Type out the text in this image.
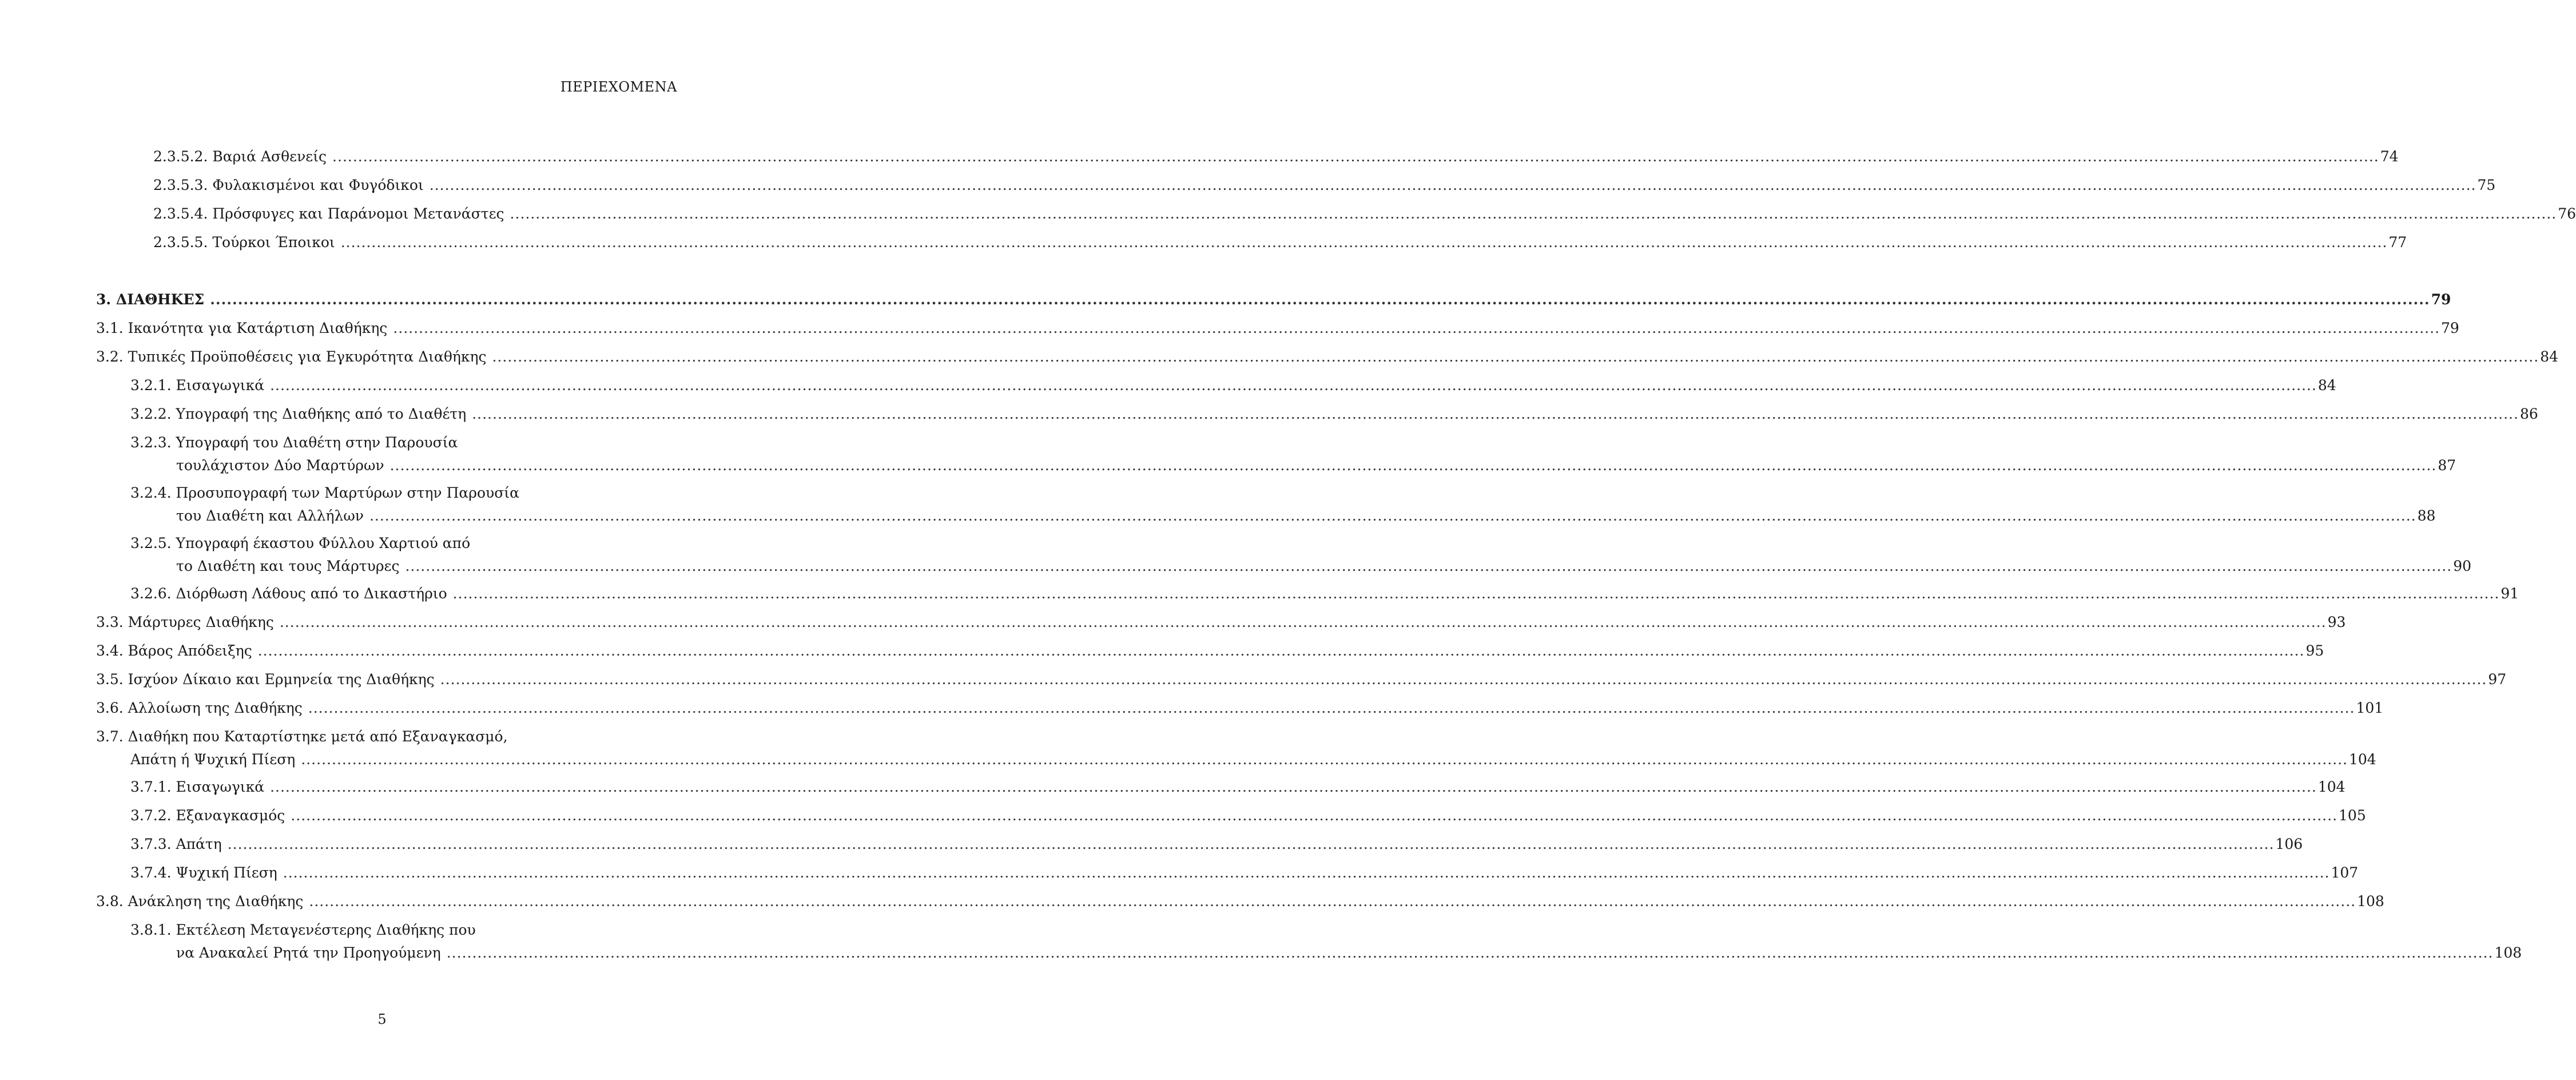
ΠΕΡΙΕΧΟΜΕΝΑ
2.3.5.2. Βαριά Ασθενείς ................................................................................................................................................................................................................................................................................................................................................................................................................ 74
2.3.5.3. Φυλακισμένοι και Φυγόδικοι ................................................................................................................................................................................................................................................................................................................................................................................................................ 75
2.3.5.4. Πρόσφυγες και Παράνομοι Μετανάστες ................................................................................................................................................................................................................................................................................................................................................................................................................ 76
2.3.5.5. Τούρκοι Έποικοι ................................................................................................................................................................................................................................................................................................................................................................................................................ 77
3. ΔΙΑΘΗΚΕΣ ................................................................................................................................................................................................................................................................................................................................................................................................................ 79
3.1. Ικανότητα για Κατάρτιση Διαθήκης ................................................................................................................................................................................................................................................................................................................................................................................................................ 79
3.2. Τυπικές Προϋποθέσεις για Εγκυρότητα Διαθήκης ................................................................................................................................................................................................................................................................................................................................................................................................................ 84
3.2.1. Εισαγωγικά ................................................................................................................................................................................................................................................................................................................................................................................................................ 84
3.2.2. Υπογραφή της Διαθήκης από το Διαθέτη ................................................................................................................................................................................................................................................................................................................................................................................................................ 86
3.2.3. Υπογραφή του Διαθέτη στην Παρουσία
τουλάχιστον Δύο Μαρτύρων ................................................................................................................................................................................................................................................................................................................................................................................................................ 87
3.2.4. Προσυπογραφή των Μαρτύρων στην Παρουσία
του Διαθέτη και Αλλήλων ................................................................................................................................................................................................................................................................................................................................................................................................................ 88
3.2.5. Υπογραφή έκαστου Φύλλου Χαρτιού από
το Διαθέτη και τους Μάρτυρες ................................................................................................................................................................................................................................................................................................................................................................................................................ 90
3.2.6. Διόρθωση Λάθους από το Δικαστήριο ................................................................................................................................................................................................................................................................................................................................................................................................................ 91
3.3. Μάρτυρες Διαθήκης ................................................................................................................................................................................................................................................................................................................................................................................................................ 93
3.4. Βάρος Απόδειξης ................................................................................................................................................................................................................................................................................................................................................................................................................ 95
3.5. Ισχύον Δίκαιο και Ερμηνεία της Διαθήκης ................................................................................................................................................................................................................................................................................................................................................................................................................ 97
3.6. Αλλοίωση της Διαθήκης ................................................................................................................................................................................................................................................................................................................................................................................................................ 101
3.7. Διαθήκη που Καταρτίστηκε μετά από Εξαναγκασμό,
Απάτη ή Ψυχική Πίεση ................................................................................................................................................................................................................................................................................................................................................................................................................ 104
3.7.1. Εισαγωγικά ................................................................................................................................................................................................................................................................................................................................................................................................................ 104
3.7.2. Εξαναγκασμός ................................................................................................................................................................................................................................................................................................................................................................................................................ 105
3.7.3. Απάτη ................................................................................................................................................................................................................................................................................................................................................................................................................ 106
3.7.4. Ψυχική Πίεση ................................................................................................................................................................................................................................................................................................................................................................................................................ 107
3.8. Ανάκληση της Διαθήκης ................................................................................................................................................................................................................................................................................................................................................................................................................ 108
3.8.1. Εκτέλεση Μεταγενέστερης Διαθήκης που
να Ανακαλεί Ρητά την Προηγούμενη ................................................................................................................................................................................................................................................................................................................................................................................................................ 108
5
